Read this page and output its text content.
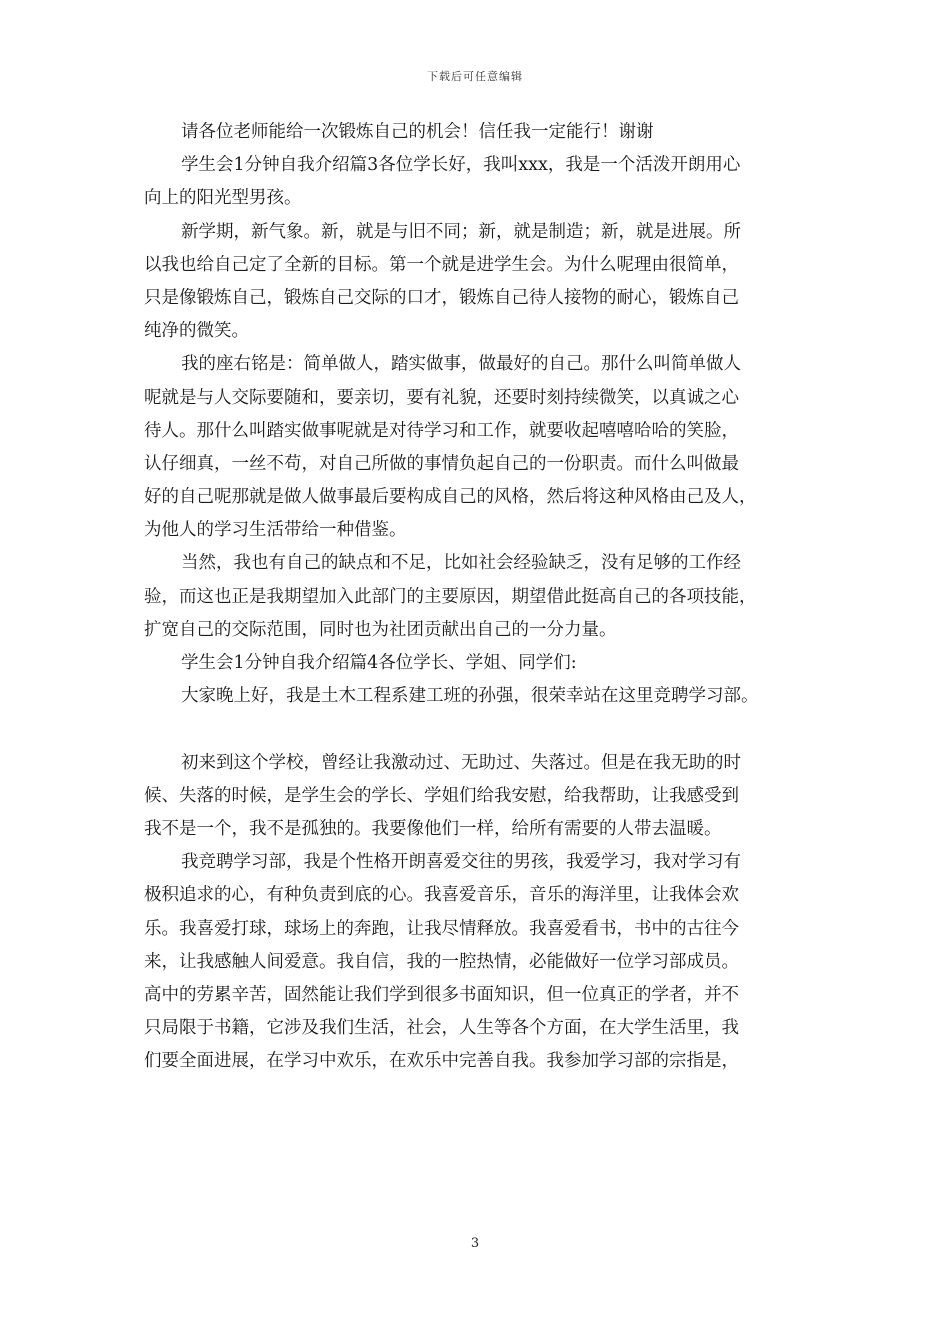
下载后可任意编辑
请各位老师能给一次锻炼自己的机会！信任我一定能行！谢谢
学生会1分钟自我介绍篇3各位学长好，我叫xxx，我是一个活泼开朗用心
向上的阳光型男孩。
新学期，新气象。新，就是与旧不同；新，就是制造；新，就是进展。所
以我也给自己定了全新的目标。第一个就是进学生会。为什么呢理由很简单，
只是像锻炼自己，锻炼自己交际的口才，锻炼自己待人接物的耐心，锻炼自己
纯净的微笑。
我的座右铭是：简单做人，踏实做事，做最好的自己。那什么叫简单做人
呢就是与人交际要随和，要亲切，要有礼貌，还要时刻持续微笑，以真诚之心
待人。那什么叫踏实做事呢就是对待学习和工作，就要收起嘻嘻哈哈的笑脸，
认仔细真，一丝不苟，对自己所做的事情负起自己的一份职责。而什么叫做最
好的自己呢那就是做人做事最后要构成自己的风格，然后将这种风格由己及人，
为他人的学习生活带给一种借鉴。
当然，我也有自己的缺点和不足，比如社会经验缺乏，没有足够的工作经
验，而这也正是我期望加入此部门的主要原因，期望借此挺高自己的各项技能，
扩宽自己的交际范围，同时也为社团贡献出自己的一分力量。
学生会1分钟自我介绍篇4各位学长、学姐、同学们:
大家晚上好，我是土木工程系建工班的孙强，很荣幸站在这里竞聘学习部。
初来到这个学校，曾经让我激动过、无助过、失落过。但是在我无助的时
候、失落的时候，是学生会的学长、学姐们给我安慰，给我帮助，让我感受到
我不是一个，我不是孤独的。我要像他们一样，给所有需要的人带去温暖。
我竞聘学习部，我是个性格开朗喜爱交往的男孩，我爱学习，我对学习有
极积追求的心，有种负责到底的心。我喜爱音乐，音乐的海洋里，让我体会欢
乐。我喜爱打球，球场上的奔跑，让我尽情释放。我喜爱看书，书中的古往今
来，让我感触人间爱意。我自信，我的一腔热情，必能做好一位学习部成员。
高中的劳累辛苦，固然能让我们学到很多书面知识，但一位真正的学者，并不
只局限于书籍，它涉及我们生活，社会，人生等各个方面，在大学生活里，我
们要全面进展，在学习中欢乐，在欢乐中完善自我。我参加学习部的宗指是，
3
